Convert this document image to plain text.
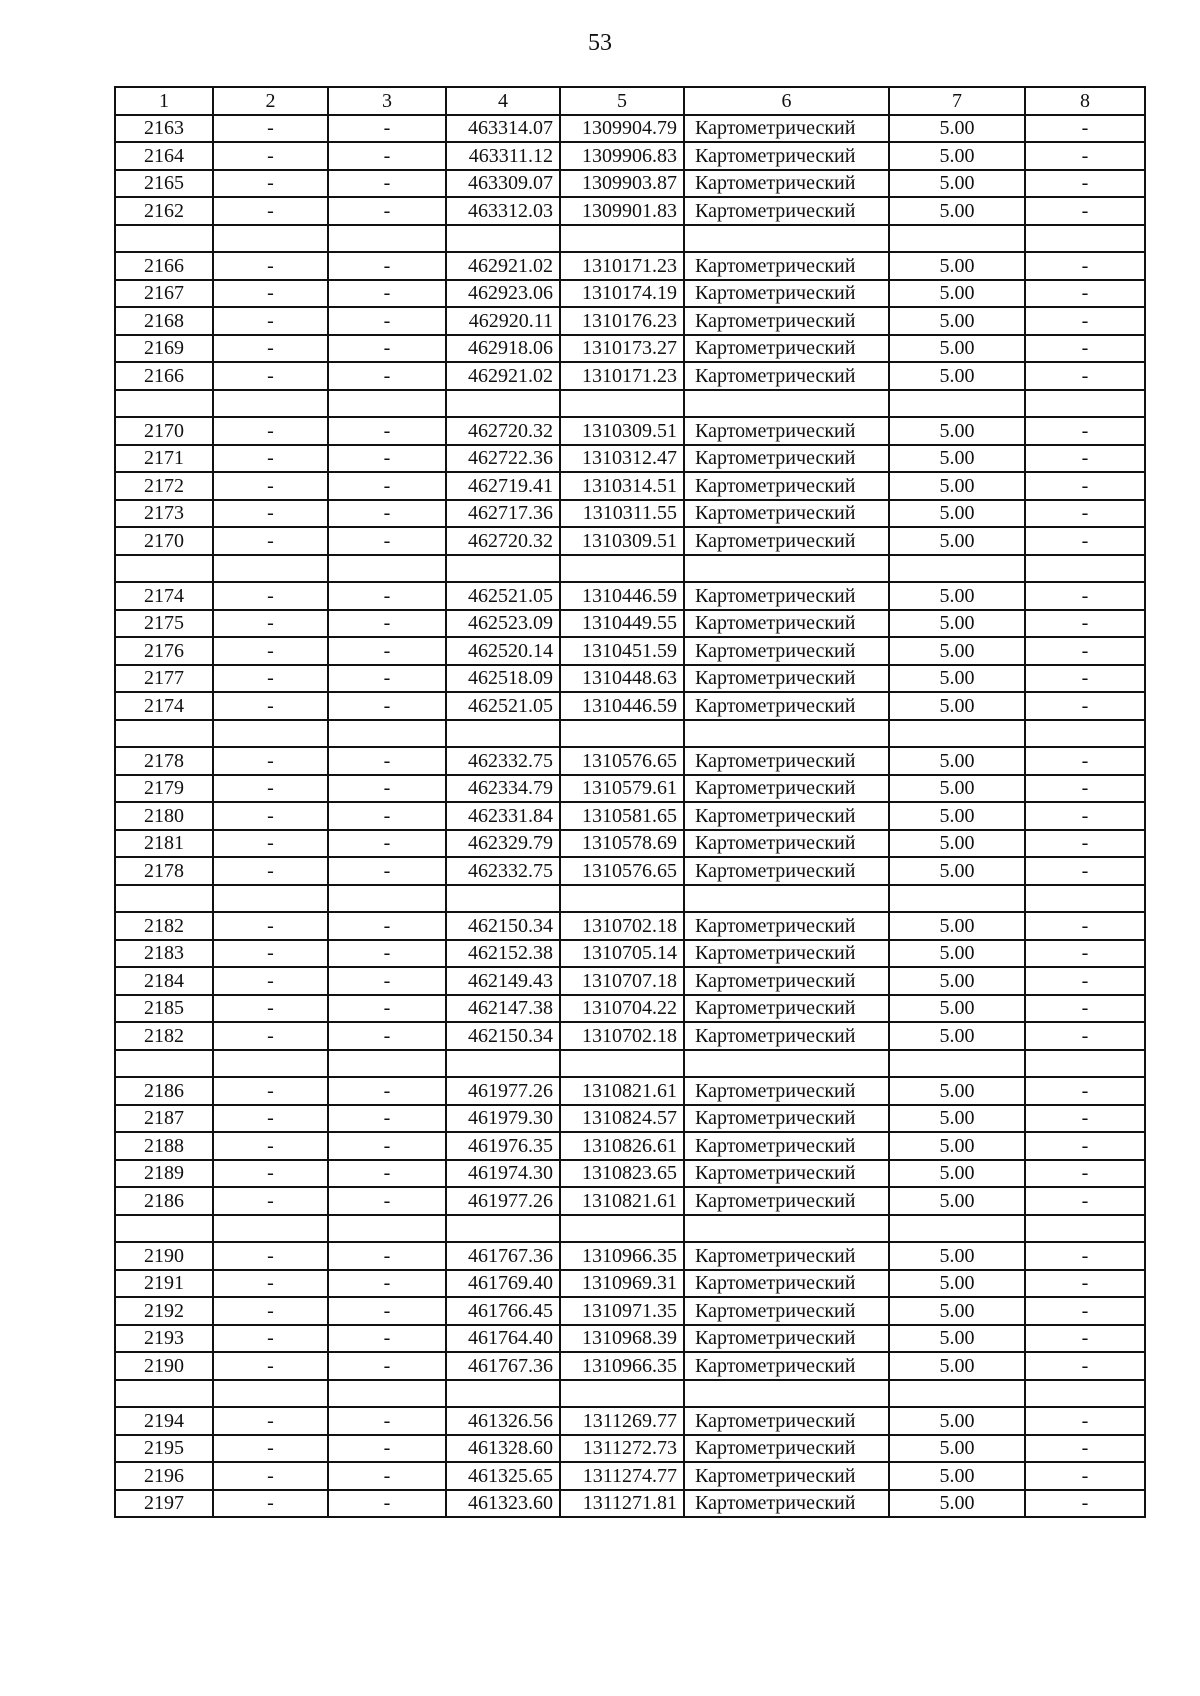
53
1	2	3	4	5	6	7	8
2163	-	-	463314.07	1309904.79	Картометрический	5.00	-
2164	-	-	463311.12	1309906.83	Картометрический	5.00	-
2165	-	-	463309.07	1309903.87	Картометрический	5.00	-
2162	-	-	463312.03	1309901.83	Картометрический	5.00	-

2166	-	-	462921.02	1310171.23	Картометрический	5.00	-
2167	-	-	462923.06	1310174.19	Картометрический	5.00	-
2168	-	-	462920.11	1310176.23	Картометрический	5.00	-
2169	-	-	462918.06	1310173.27	Картометрический	5.00	-
2166	-	-	462921.02	1310171.23	Картометрический	5.00	-

2170	-	-	462720.32	1310309.51	Картометрический	5.00	-
2171	-	-	462722.36	1310312.47	Картометрический	5.00	-
2172	-	-	462719.41	1310314.51	Картометрический	5.00	-
2173	-	-	462717.36	1310311.55	Картометрический	5.00	-
2170	-	-	462720.32	1310309.51	Картометрический	5.00	-

2174	-	-	462521.05	1310446.59	Картометрический	5.00	-
2175	-	-	462523.09	1310449.55	Картометрический	5.00	-
2176	-	-	462520.14	1310451.59	Картометрический	5.00	-
2177	-	-	462518.09	1310448.63	Картометрический	5.00	-
2174	-	-	462521.05	1310446.59	Картометрический	5.00	-

2178	-	-	462332.75	1310576.65	Картометрический	5.00	-
2179	-	-	462334.79	1310579.61	Картометрический	5.00	-
2180	-	-	462331.84	1310581.65	Картометрический	5.00	-
2181	-	-	462329.79	1310578.69	Картометрический	5.00	-
2178	-	-	462332.75	1310576.65	Картометрический	5.00	-

2182	-	-	462150.34	1310702.18	Картометрический	5.00	-
2183	-	-	462152.38	1310705.14	Картометрический	5.00	-
2184	-	-	462149.43	1310707.18	Картометрический	5.00	-
2185	-	-	462147.38	1310704.22	Картометрический	5.00	-
2182	-	-	462150.34	1310702.18	Картометрический	5.00	-

2186	-	-	461977.26	1310821.61	Картометрический	5.00	-
2187	-	-	461979.30	1310824.57	Картометрический	5.00	-
2188	-	-	461976.35	1310826.61	Картометрический	5.00	-
2189	-	-	461974.30	1310823.65	Картометрический	5.00	-
2186	-	-	461977.26	1310821.61	Картометрический	5.00	-

2190	-	-	461767.36	1310966.35	Картометрический	5.00	-
2191	-	-	461769.40	1310969.31	Картометрический	5.00	-
2192	-	-	461766.45	1310971.35	Картометрический	5.00	-
2193	-	-	461764.40	1310968.39	Картометрический	5.00	-
2190	-	-	461767.36	1310966.35	Картометрический	5.00	-

2194	-	-	461326.56	1311269.77	Картометрический	5.00	-
2195	-	-	461328.60	1311272.73	Картометрический	5.00	-
2196	-	-	461325.65	1311274.77	Картометрический	5.00	-
2197	-	-	461323.60	1311271.81	Картометрический	5.00	-
